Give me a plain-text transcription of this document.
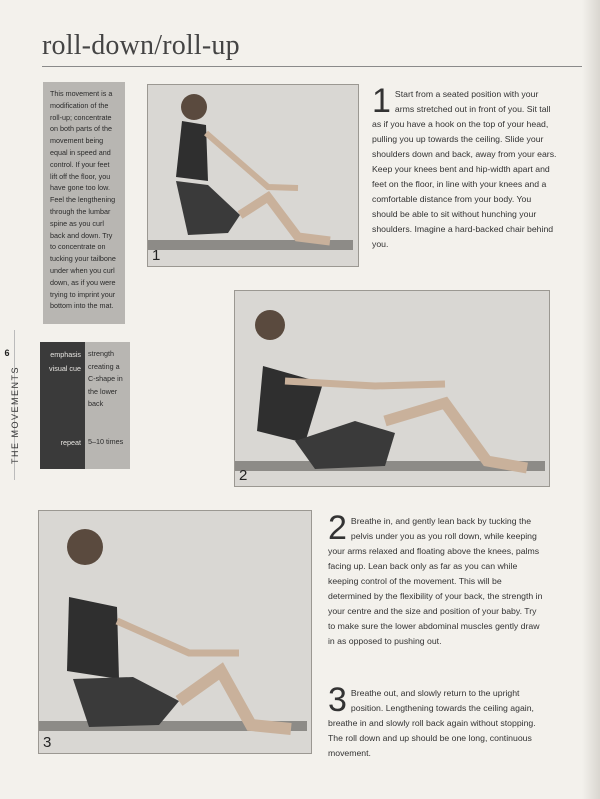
roll-down/roll-up

This movement is a modification of the roll-up; concentrate on both parts of the movement being equal in speed and control. If your feet lift off the floor, you have gone too low. Feel the lengthening through the lumbar spine as you curl back and down. Try to concentrate on tucking your tailbone under when you curl down, as if you were trying to imprint your bottom into the mat.

6
THE MOVEMENTS
emphasis
visual cue
strength creating a C-shape in the lower back
repeat 5–10 times
1
2
3
1 Start from a seated position with your arms stretched out in front of you. Sit tall as if you have a hook on the top of your head, pulling you up towards the ceiling. Slide your shoulders down and back, away from your ears. Keep your knees bent and hip-width apart and feet on the floor, in line with your knees and a comfortable distance from your body. You should be able to sit without hunching your shoulders. Imagine a hard-backed chair behind you.
2 Breathe in, and gently lean back by tucking the pelvis under you as you roll down, while keeping your arms relaxed and floating above the knees, palms facing up. Lean back only as far as you can while keeping control of the movement. This will be determined by the flexibility of your back, the strength in your centre and the size and position of your baby. Try to make sure the lower abdominal muscles gently draw in as opposed to pushing out.
3 Breathe out, and slowly return to the upright position. Lengthening towards the ceiling again, breathe in and slowly roll back again without stopping. The roll down and up should be one long, continuous movement.
